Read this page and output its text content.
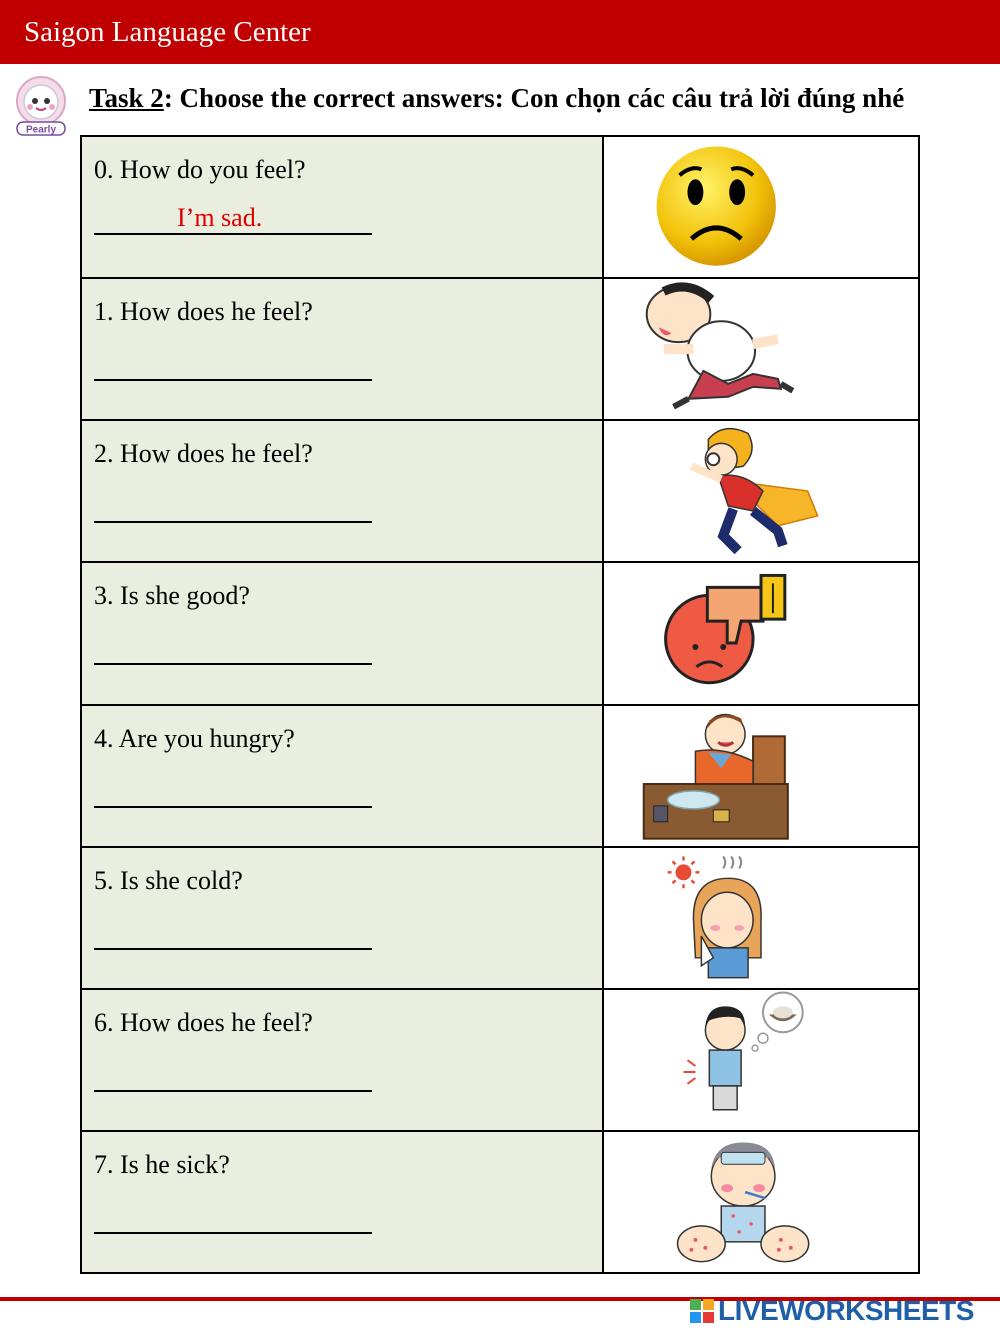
Saigon Language Center
Pearly
Task 2: Choose the correct answers: Con chọn các câu trả lời đúng nhé
0. How do you feel?
I’m sad.

1. How does he feel?

2. How does he feel?

3. Is she good?

4. Are you hungry?

5. Is she cold?

6. How does he feel?

7. Is he sick?

LIVEWORKSHEETS
